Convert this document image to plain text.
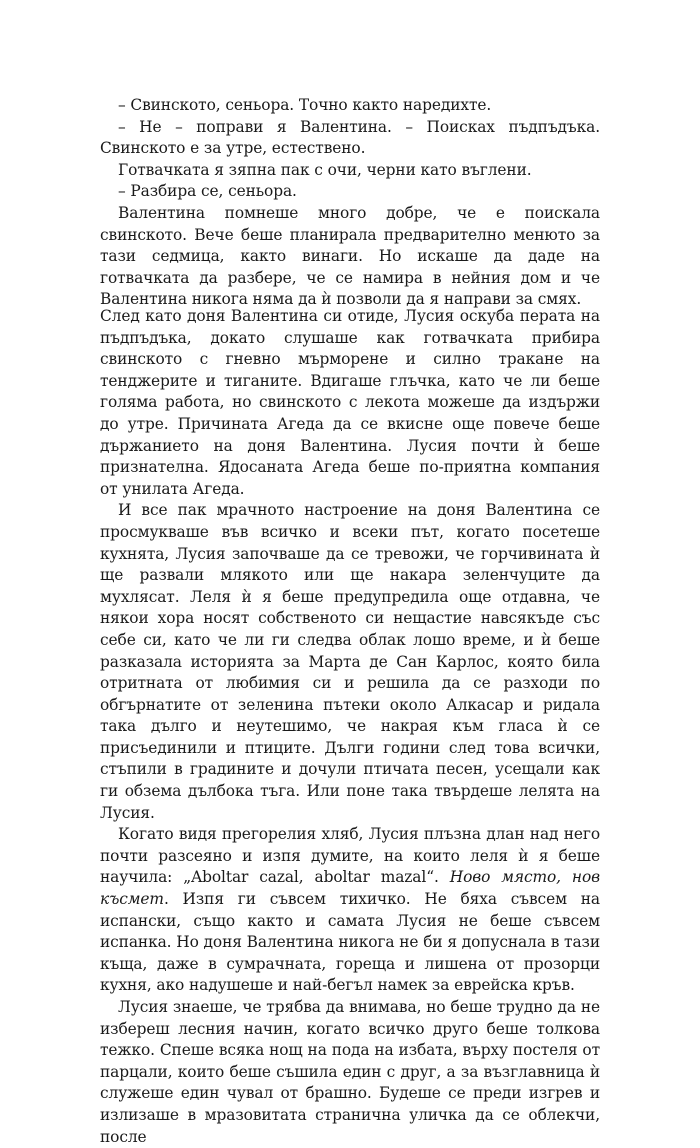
– Свинското, сеньора. Точно както наредихте.

– Не – поправи я Валентина. – Поисках пъдпъдъка. Свинското е за утре, естествено.

Готвачката я зяпна пак с очи, черни като въглени.

– Разбира се, сеньора.

Валентина помнеше много добре, че е поискала свинското. Вече беше планирала предварително менюто за тази седмица, както винаги. Но искаше да даде на готвачката да разбере, че се намира в нейния дом и че Валентина никога няма да ѝ позволи да я направи за смях.

След като доня Валентина си отиде, Лусия оскуба перата на пъдпъдъка, докато слушаше как готвачката прибира свинското с гневно мърморене и силно тракане на тенджерите и тиганите. Вдигаше глъчка, като че ли беше голяма работа, но свинското с лекота можеше да издържи до утре. Причината Агеда да се вкисне още повече беше държанието на доня Валентина. Лусия почти ѝ беше признателна. Ядосаната Агеда беше по-приятна компания от унилата Агеда.

И все пак мрачното настроение на доня Валентина се просмукваше във всичко и всеки път, когато посетеше кухнята, Лусия започваше да се тревожи, че горчивината ѝ ще развали млякото или ще накара зеленчуците да мухлясат. Леля ѝ я беше предупредила още отдавна, че някои хора носят собственото си нещастие навсякъде със себе си, като че ли ги следва облак лошо време, и ѝ беше разказала историята за Марта де Сан Карлос, която била отритната от любимия си и решила да се разходи по обгърнатите от зеленина пътеки около Алкасар и ридала така дълго и неутешимо, че накрая към гласа ѝ се присъединили и птиците. Дълги години след това всички, стъпили в градините и дочули птичата песен, усещали как ги обзема дълбока тъга. Или поне така твърдеше лелята на Лусия.

Когато видя прегорелия хляб, Лусия плъзна длан над него почти разсеяно и изпя думите, на които леля ѝ я беше научила: „Aboltar cazal, aboltar mazal“. Ново място, нов късмет. Изпя ги съвсем тихичко. Не бяха съвсем на испански, също както и самата Лусия не беше съвсем испанка. Но доня Валентина никога не би я допуснала в тази къща, даже в сумрачната, гореща и лишена от прозорци кухня, ако надушеше и най-бегъл намек за еврейска кръв.

Лусия знаеше, че трябва да внимава, но беше трудно да не избереш лесния начин, когато всичко друго беше толкова тежко. Спеше всяка нощ на пода на избата, върху постеля от парцали, които беше съшила един с друг, а за възглавница ѝ служеше един чувал от брашно. Будеше се преди изгрев и излизаше в мразовитата странична уличка да се облекчи, после
